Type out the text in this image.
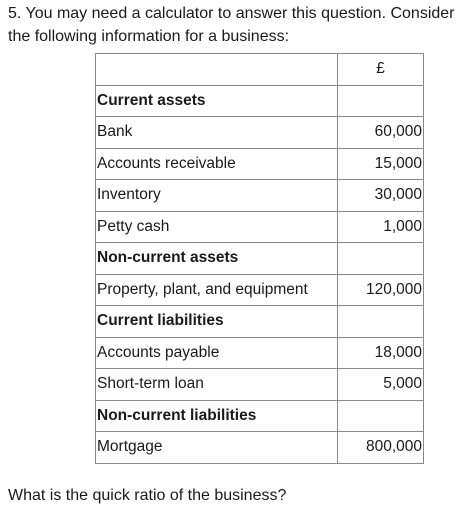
5. You may need a calculator to answer this question. Consider the following information for a business:

	£
Current assets	
Bank	60,000
Accounts receivable	15,000
Inventory	30,000
Petty cash	1,000
Non-current assets	
Property, plant, and equipment	120,000
Current liabilities	
Accounts payable	18,000
Short-term loan	5,000
Non-current liabilities	
Mortgage	800,000

What is the quick ratio of the business?
